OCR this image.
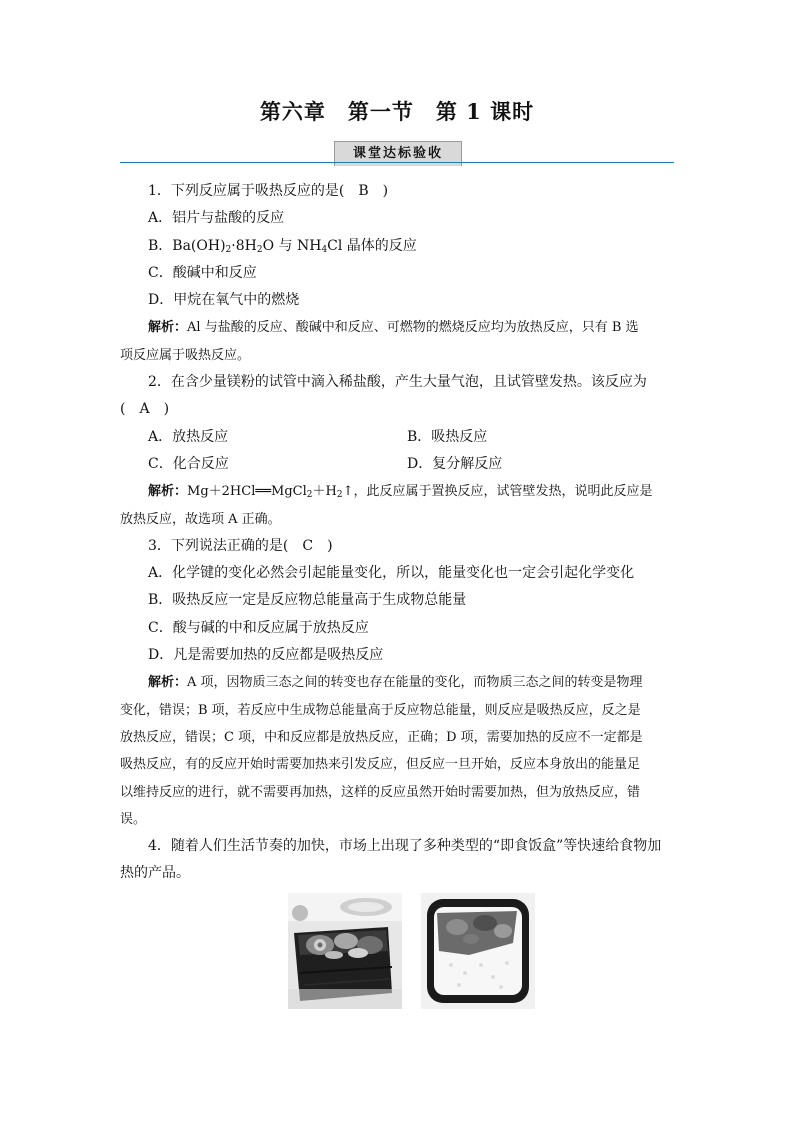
第六章　第一节　第 1 课时
课堂达标验收
1．下列反应属于吸热反应的是(　B　)
A．铝片与盐酸的反应
B．$Ba(OH)_2\cdot 8H_2O$ 与 $NH_4Cl$ 晶体的反应
C．酸碱中和反应
D．甲烷在氧气中的燃烧
解析：Al 与盐酸的反应、酸碱中和反应、可燃物的燃烧反应均为放热反应，只有 B 选
项反应属于吸热反应。
2．在含少量镁粉的试管中滴入稀盐酸，产生大量气泡，且试管壁发热。该反应为
(　A　)
A．放热反应	B．吸热反应
C．化合反应	D．复分解反应
解析：$Mg+2HCl══MgCl_2+H_2↑$，此反应属于置换反应，试管壁发热，说明此反应是
放热反应，故选项 A 正确。
3．下列说法正确的是(　C　)
A．化学键的变化必然会引起能量变化，所以，能量变化也一定会引起化学变化
B．吸热反应一定是反应物总能量高于生成物总能量
C．酸与碱的中和反应属于放热反应
D．凡是需要加热的反应都是吸热反应
解析：A 项，因物质三态之间的转变也存在能量的变化，而物质三态之间的转变是物理
变化，错误；B 项，若反应中生成物总能量高于反应物总能量，则反应是吸热反应，反之是
放热反应，错误；C 项，中和反应都是放热反应，正确；D 项，需要加热的反应不一定都是
吸热反应，有的反应开始时需要加热来引发反应，但反应一旦开始，反应本身放出的能量足
以维持反应的进行，就不需要再加热，这样的反应虽然开始时需要加热，但为放热反应，错
误。
4．随着人们生活节奏的加快，市场上出现了多种类型的“即食饭盒”等快速给食物加
热的产品。
